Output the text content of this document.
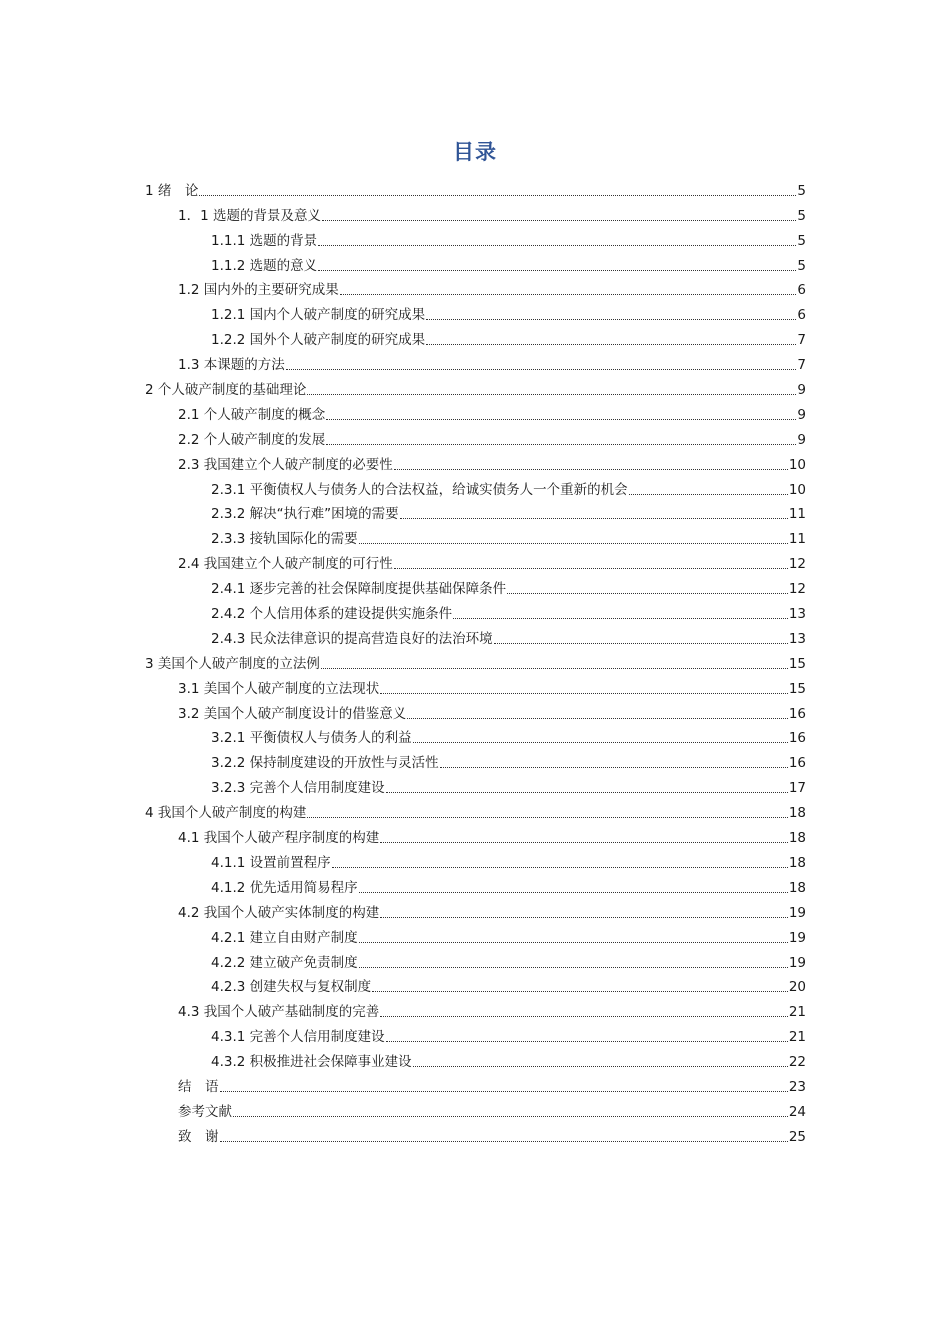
目录
1 绪　论	5
1．1 选题的背景及意义	5
1.1.1 选题的背景	5
1.1.2 选题的意义	5
1.2 国内外的主要研究成果	6
1.2.1 国内个人破产制度的研究成果	6
1.2.2 国外个人破产制度的研究成果	7
1.3 本课题的方法	7
2 个人破产制度的基础理论	9
2.1 个人破产制度的概念	9
2.2 个人破产制度的发展	9
2.3 我国建立个人破产制度的必要性	10
2.3.1 平衡债权人与债务人的合法权益，给诚实债务人一个重新的机会	10
2.3.2 解决“执行难”困境的需要	11
2.3.3 接轨国际化的需要	11
2.4 我国建立个人破产制度的可行性	12
2.4.1 逐步完善的社会保障制度提供基础保障条件	12
2.4.2 个人信用体系的建设提供实施条件	13
2.4.3 民众法律意识的提高营造良好的法治环境	13
3 美国个人破产制度的立法例	15
3.1 美国个人破产制度的立法现状	15
3.2 美国个人破产制度设计的借鉴意义	16
3.2.1 平衡债权人与债务人的利益	16
3.2.2 保持制度建设的开放性与灵活性	16
3.2.3 完善个人信用制度建设	17
4 我国个人破产制度的构建	18
4.1 我国个人破产程序制度的构建	18
4.1.1 设置前置程序	18
4.1.2 优先适用简易程序	18
4.2 我国个人破产实体制度的构建	19
4.2.1 建立自由财产制度	19
4.2.2 建立破产免责制度	19
4.2.3 创建失权与复权制度	20
4.3 我国个人破产基础制度的完善	21
4.3.1 完善个人信用制度建设	21
4.3.2 积极推进社会保障事业建设	22
结　语	23
参考文献	24
致　谢	25
